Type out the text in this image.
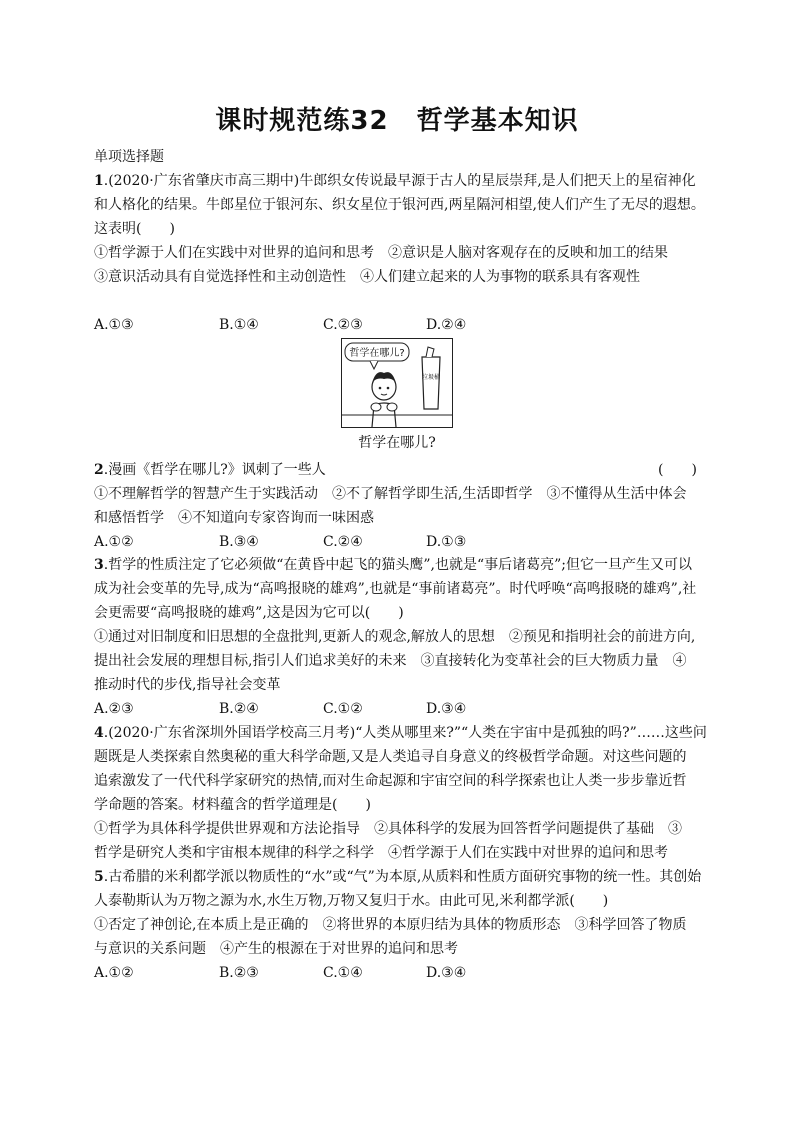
课时规范练32 哲学基本知识
单项选择题
1.(2020·广东省肇庆市高三期中)牛郎织女传说最早源于古人的星辰崇拜,是人们把天上的星宿神化
和人格化的结果。牛郎星位于银河东、织女星位于银河西,两星隔河相望,使人们产生了无尽的遐想。
这表明(　　)
①哲学源于人们在实践中对世界的追问和思考　②意识是人脑对客观存在的反映和加工的结果
③意识活动具有自觉选择性和主动创造性　④人们建立起来的人为事物的联系具有客观性
A.①③	B.①④	C.②③	D.②④
哲学在哪儿?
垃圾桶
哲学在哪儿?
2.漫画《哲学在哪儿?》讽刺了一些人	(　　)
①不理解哲学的智慧产生于实践活动　②不了解哲学即生活,生活即哲学　③不懂得从生活中体会
和感悟哲学　④不知道向专家咨询而一味困惑
A.①②	B.③④	C.②④	D.①③
3.哲学的性质注定了它必须做“在黄昏中起飞的猫头鹰”,也就是“事后诸葛亮”;但它一旦产生又可以
成为社会变革的先导,成为“高鸣报晓的雄鸡”,也就是“事前诸葛亮”。时代呼唤“高鸣报晓的雄鸡”,社
会更需要“高鸣报晓的雄鸡”,这是因为它可以(　　)
①通过对旧制度和旧思想的全盘批判,更新人的观念,解放人的思想　②预见和指明社会的前进方向,
提出社会发展的理想目标,指引人们追求美好的未来　③直接转化为变革社会的巨大物质力量　④
推动时代的步伐,指导社会变革
A.②③	B.②④	C.①②	D.③④
4.(2020·广东省深圳外国语学校高三月考)“人类从哪里来?”“人类在宇宙中是孤独的吗?”……这些问
题既是人类探索自然奥秘的重大科学命题,又是人类追寻自身意义的终极哲学命题。对这些问题的
追索激发了一代代科学家研究的热情,而对生命起源和宇宙空间的科学探索也让人类一步步靠近哲
学命题的答案。材料蕴含的哲学道理是(　　)
①哲学为具体科学提供世界观和方法论指导　②具体科学的发展为回答哲学问题提供了基础　③
哲学是研究人类和宇宙根本规律的科学之科学　④哲学源于人们在实践中对世界的追问和思考
5.古希腊的米利都学派以物质性的“水”或“气”为本原,从质料和性质方面研究事物的统一性。其创始
人泰勒斯认为万物之源为水,水生万物,万物又复归于水。由此可见,米利都学派(　　)
①否定了神创论,在本质上是正确的　②将世界的本原归结为具体的物质形态　③科学回答了物质
与意识的关系问题　④产生的根源在于对世界的追问和思考
A.①②	B.②③	C.①④	D.③④
